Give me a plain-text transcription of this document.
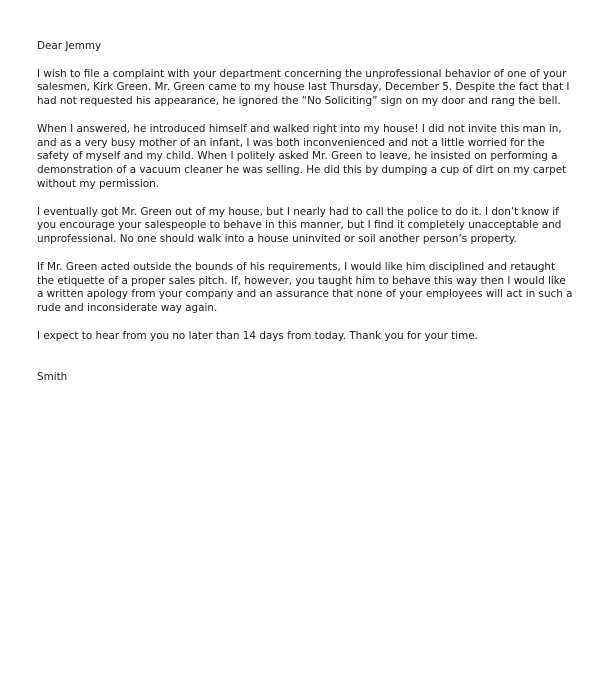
Dear Jemmy

I wish to file a complaint with your department concerning the unprofessional behavior of one of your salesmen, Kirk Green. Mr. Green came to my house last Thursday, December 5. Despite the fact that I had not requested his appearance, he ignored the “No Soliciting” sign on my door and rang the bell.

When I answered, he introduced himself and walked right into my house! I did not invite this man in, and as a very busy mother of an infant, I was both inconvenienced and not a little worried for the safety of myself and my child. When I politely asked Mr. Green to leave, he insisted on performing a demonstration of a vacuum cleaner he was selling. He did this by dumping a cup of dirt on my carpet without my permission.

I eventually got Mr. Green out of my house, but I nearly had to call the police to do it. I don’t know if you encourage your salespeople to behave in this manner, but I find it completely unacceptable and unprofessional. No one should walk into a house uninvited or soil another person’s property.

If Mr. Green acted outside the bounds of his requirements, I would like him disciplined and retaught the etiquette of a proper sales pitch. If, however, you taught him to behave this way then I would like a written apology from your company and an assurance that none of your employees will act in such a rude and inconsiderate way again.

I expect to hear from you no later than 14 days from today. Thank you for your time.

Smith
